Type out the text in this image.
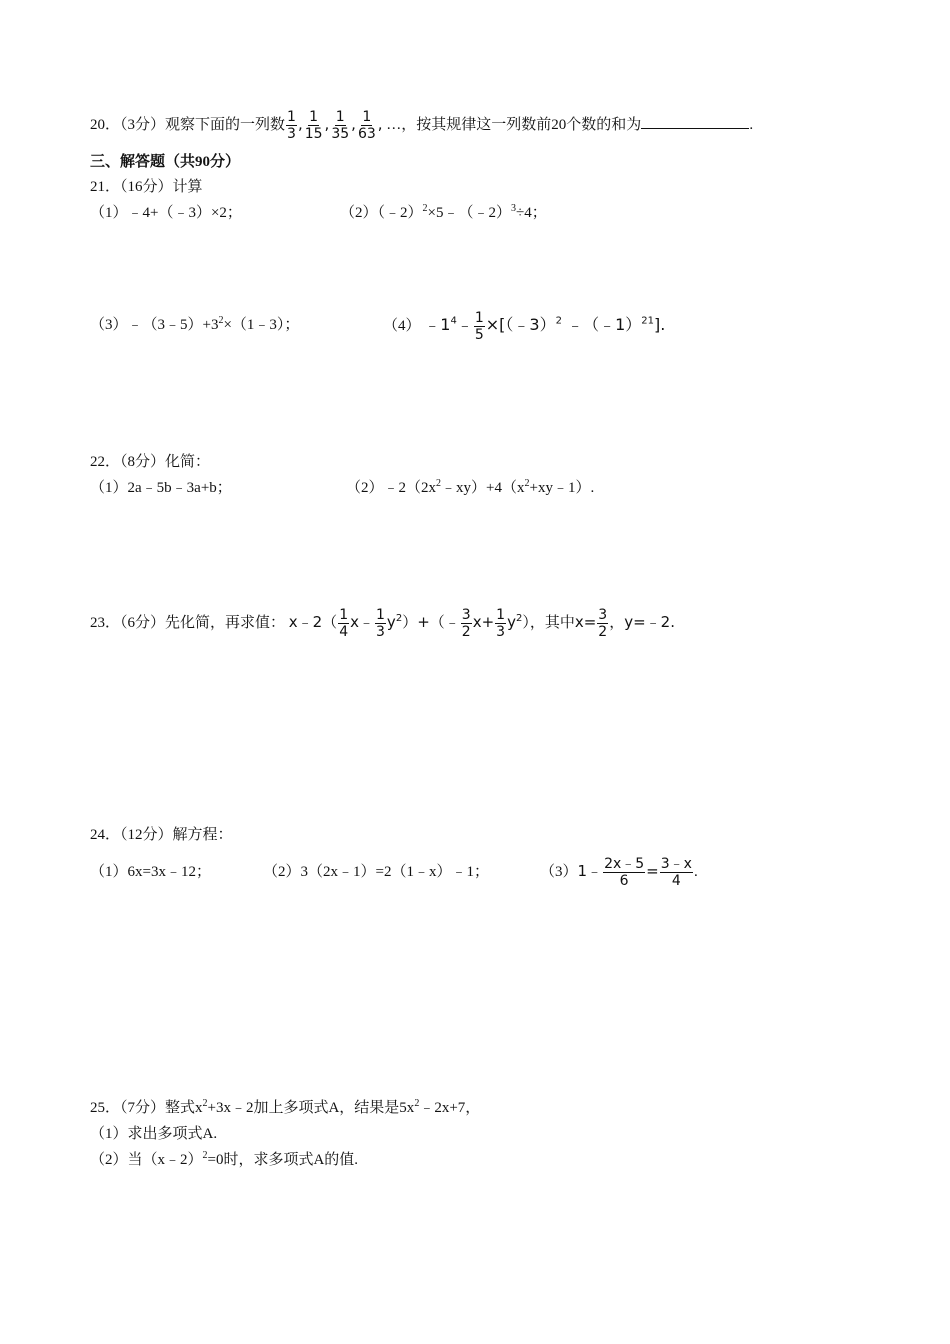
20．（3分）观察下面的一列数 $\frac{1}{3}$ , $\frac{1}{15}$ , $\frac{1}{35}$ , $\frac{1}{63}$ , …，按其规律这一列数前20个数的和为	.
三、解答题（共90分）
21．（16分）计算
（1）﹣4+（﹣3）×2；	（2）（﹣2）$^2$×5﹣（﹣2）$^3$÷4；
$(3)﹣(3﹣5)+3^2\times(1﹣3)$；	（4） $﹣1^4﹣ \frac{1}{5}$ ×[（﹣3）$^2$ ﹣（﹣1）$^{21}$].
22．（8分）化简：
（1）2a﹣5b﹣3a+b；	$(2)﹣2(2x^2﹣xy)+4(x^2+xy﹣1)$.
23．（6分）先化简，再求值： x﹣2（ $\frac{1}{4}$ x﹣ $\frac{1}{3}$ $y^2)+(﹣ \frac{3}{2} x+ \frac{1}{3} y^2)$，其中$x= \frac{3}{2}$ ，y=﹣2.
24．（12分）解方程：
（1）6x=3x﹣12；	（2）3（2x﹣1）=2（1﹣x）﹣1；	（3）1﹣ $\frac{2x﹣5}{6} = \frac{3﹣x}{4}$ .
25．（7分）整式$x^2+3x﹣2$加上多项式A，结果是$5x^2﹣2x+7$，
（1）求出多项式A.
（2）当（x﹣2）$^2$=0时，求多项式A的值.
